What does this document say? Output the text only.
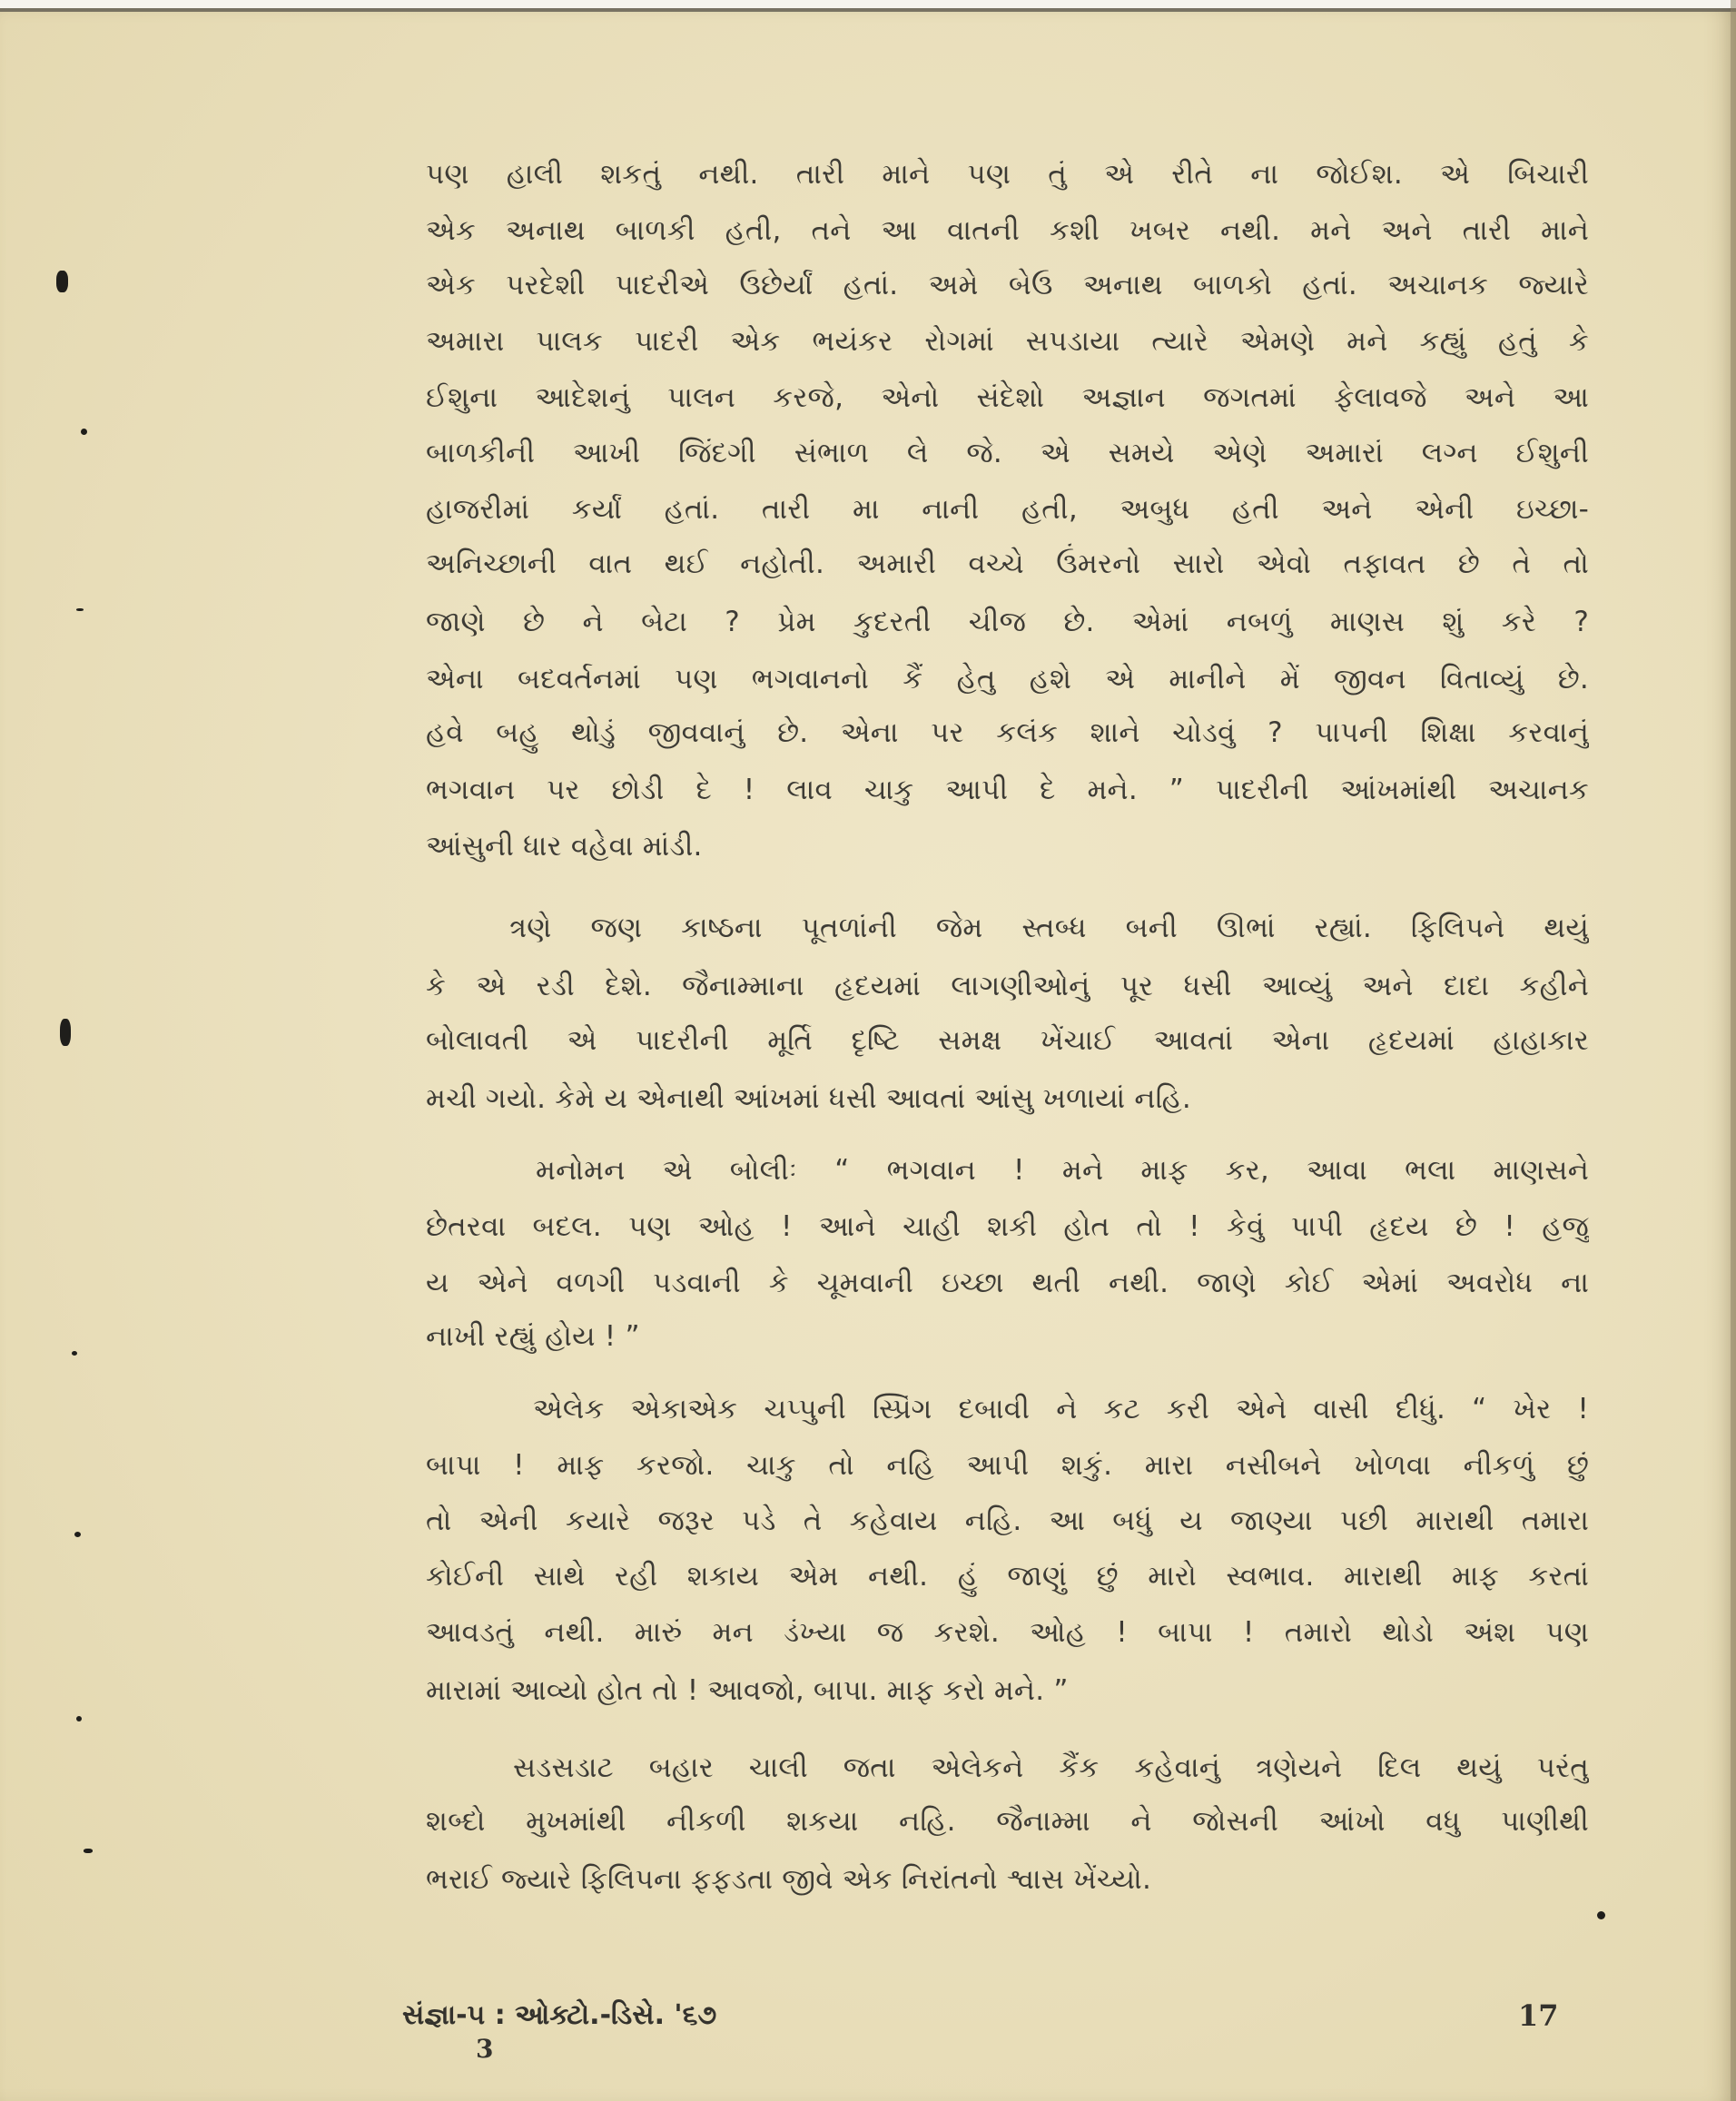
પણ હાલી શકતું નથી. તારી માને પણ તું એ રીતે ના જોઈશ. એ બિચારી
એક અનાથ બાળકી હતી, તને આ વાતની કશી ખબર નથી. મને અને તારી માને
એક પરદેશી પાદરીએ ઉછેર્યાં હતાં. અમે બેઉ અનાથ બાળકો હતાં. અચાનક જ્યારે
અમારા પાલક પાદરી એક ભયંકર રોગમાં સપડાયા ત્યારે એમણે મને કહ્યું હતું કે
ઈશુના આદેશનું પાલન કરજે, એનો સંદેશો અજ્ઞાન જગતમાં ફેલાવજે અને આ
બાળકીની આખી જિંદગી સંભાળ લે જે. એ સમયે એણે અમારાં લગ્ન ઈશુની
હાજરીમાં કર્યાં હતાં. તારી મા નાની હતી, અબુધ હતી અને એની ઇચ્છા-
અનિચ્છાની વાત થઈ નહોતી. અમારી વચ્ચે ઉંમરનો સારો એવો તફાવત છે તે તો
જાણે છે ને બેટા ? પ્રેમ કુદરતી ચીજ છે. એમાં નબળું માણસ શું કરે ?
એના બદવર્તનમાં પણ ભગવાનનો કૈં હેતુ હશે એ માનીને મેં જીવન વિતાવ્યું છે.
હવે બહુ થોડું જીવવાનું છે. એના પર કલંક શાને ચોડવું ? પાપની શિક્ષા કરવાનું
ભગવાન પર છોડી દે ! લાવ ચાકુ આપી દે મને. ” પાદરીની આંખમાંથી અચાનક
આંસુની ધાર વહેવા માંડી.
ત્રણે જણ કાષ્ઠના પૂતળાંની જેમ સ્તબ્ધ બની ઊભાં રહ્યાં. ફિલિપને થયું
કે એ રડી દેશે. જૈનામ્માના હૃદયમાં લાગણીઓનું પૂર ધસી આવ્યું અને દાદા કહીને
બોલાવતી એ પાદરીની મૂર્તિ દૃષ્ટિ સમક્ષ ખેંચાઈ આવતાં એના હૃદયમાં હાહાકાર
મચી ગયો. કેમે ય એનાથી આંખમાં ધસી આવતાં આંસુ ખળાયાં નહિ.
મનોમન એ બોલીઃ “ ભગવાન ! મને માફ કર, આવા ભલા માણસને
છેતરવા બદલ. પણ ઓહ ! આને ચાહી શકી હોત તો ! કેવું પાપી હૃદય છે ! હજુ
ય એને વળગી પડવાની કે ચૂમવાની ઇચ્છા થતી નથી. જાણે કોઈ એમાં અવરોધ ના
નાખી રહ્યું હોય ! ”
એલેક એકાએક ચપ્પુની સ્પ્રિંગ દબાવી ને કટ કરી એને વાસી દીધું. “ ખેર !
બાપા ! માફ કરજો. ચાકુ તો નહિ આપી શકું. મારા નસીબને ખોળવા નીકળું છું
તો એની કયારે જરૂર પડે તે કહેવાય નહિ. આ બધું ય જાણ્યા પછી મારાથી તમારા
કોઈની સાથે રહી શકાય એમ નથી. હું જાણું છું મારો સ્વભાવ. મારાથી માફ કરતાં
આવડતું નથી. મારું મન ડંખ્યા જ કરશે. ઓહ ! બાપા ! તમારો થોડો અંશ પણ
મારામાં આવ્યો હોત તો ! આવજો, બાપા. માફ કરો મને. ”
સડસડાટ બહાર ચાલી જતા એલેકને કૈંક કહેવાનું ત્રણેયને દિલ થયું પરંતુ
શબ્દો મુખમાંથી નીકળી શકયા નહિ. જૈનામ્મા ને જોસની આંખો વધુ પાણીથી
ભરાઈ જ્યારે ફિલિપના ફફડતા જીવે એક નિરાંતનો શ્વાસ ખેંચ્યો.
સંજ્ઞા-૫ : ઓક્ટો.-ડિસે. '૬૭	17
3
